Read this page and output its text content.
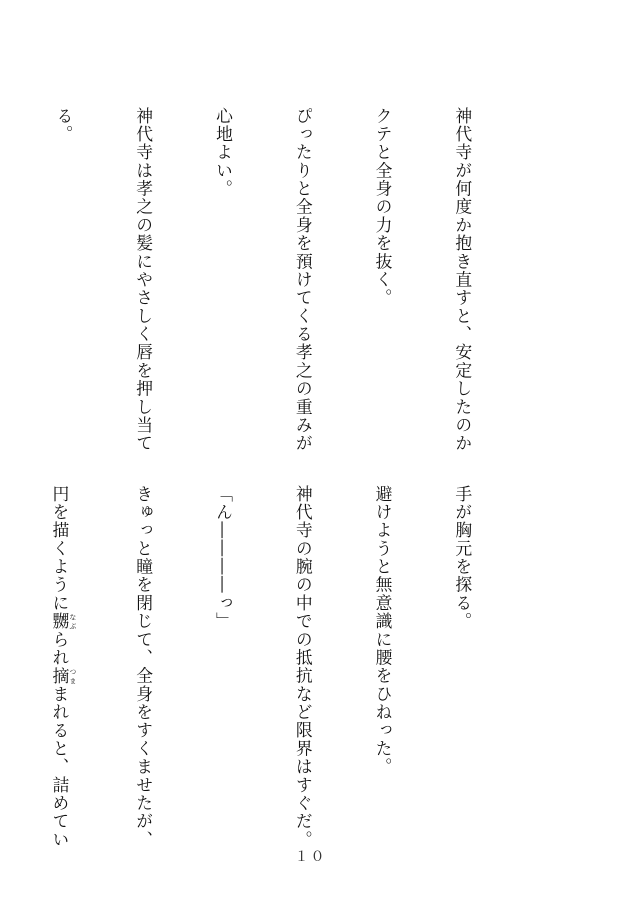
神代寺が何度か抱き直すと、安定したのか

クテと全身の力を抜く。

ぴったりと全身を預けてくる孝之の重みが

心地よい。

神代寺は孝之の髪にやさしく唇を押し当て

る。

手が胸元を探る。

避けようと無意識に腰をひねった。

神代寺の腕の中での抵抗など限界はすぐだ。

「ん――――っ」

きゅっと瞳を閉じて、全身をすくませたが、

円を描くように嬲 なぶられ摘 つままれると、詰めてい

１０
